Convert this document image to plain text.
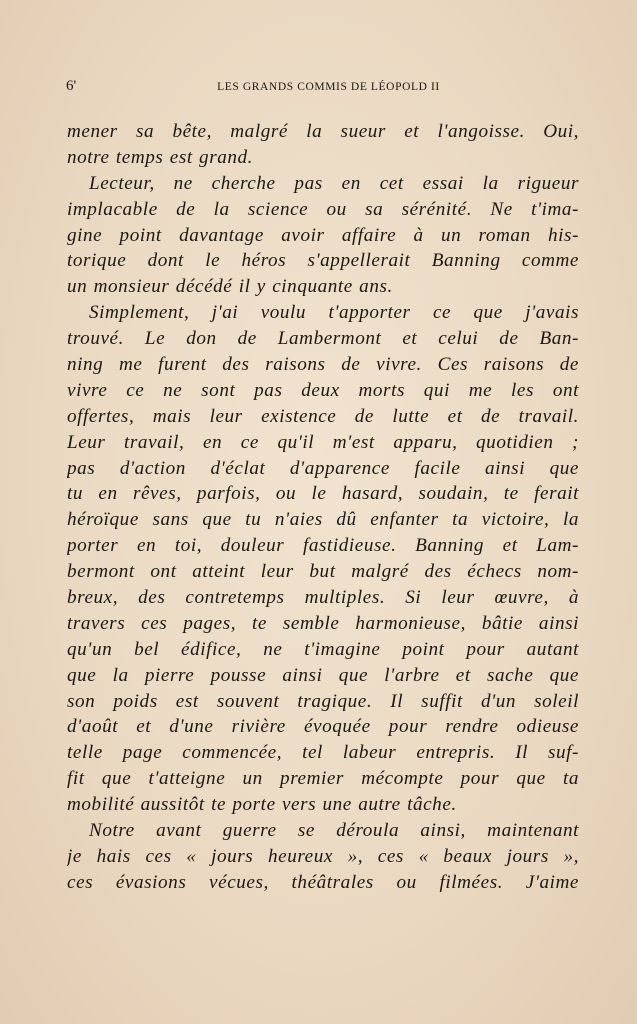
6'	LES GRANDS COMMIS DE LÉOPOLD II
mener sa bête, malgré la sueur et l'angoisse. Oui,
notre temps est grand.
Lecteur, ne cherche pas en cet essai la rigueur
implacable de la science ou sa sérénité. Ne t'ima-
gine point davantage avoir affaire à un roman his-
torique dont le héros s'appellerait Banning comme
un monsieur décédé il y cinquante ans.
Simplement, j'ai voulu t'apporter ce que j'avais
trouvé. Le don de Lambermont et celui de Ban-
ning me furent des raisons de vivre. Ces raisons de
vivre ce ne sont pas deux morts qui me les ont
offertes, mais leur existence de lutte et de travail.
Leur travail, en ce qu'il m'est apparu, quotidien ;
pas d'action d'éclat d'apparence facile ainsi que
tu en rêves, parfois, ou le hasard, soudain, te ferait
héroïque sans que tu n'aies dû enfanter ta victoire, la
porter en toi, douleur fastidieuse. Banning et Lam-
bermont ont atteint leur but malgré des échecs nom-
breux, des contretemps multiples. Si leur œuvre, à
travers ces pages, te semble harmonieuse, bâtie ainsi
qu'un bel édifice, ne t'imagine point pour autant
que la pierre pousse ainsi que l'arbre et sache que
son poids est souvent tragique. Il suffit d'un soleil
d'août et d'une rivière évoquée pour rendre odieuse
telle page commencée, tel labeur entrepris. Il suf-
fit que t'atteigne un premier mécompte pour que ta
mobilité aussitôt te porte vers une autre tâche.
Notre avant guerre se déroula ainsi, maintenant
je hais ces « jours heureux », ces « beaux jours »,
ces évasions vécues, théâtrales ou filmées. J'aime
